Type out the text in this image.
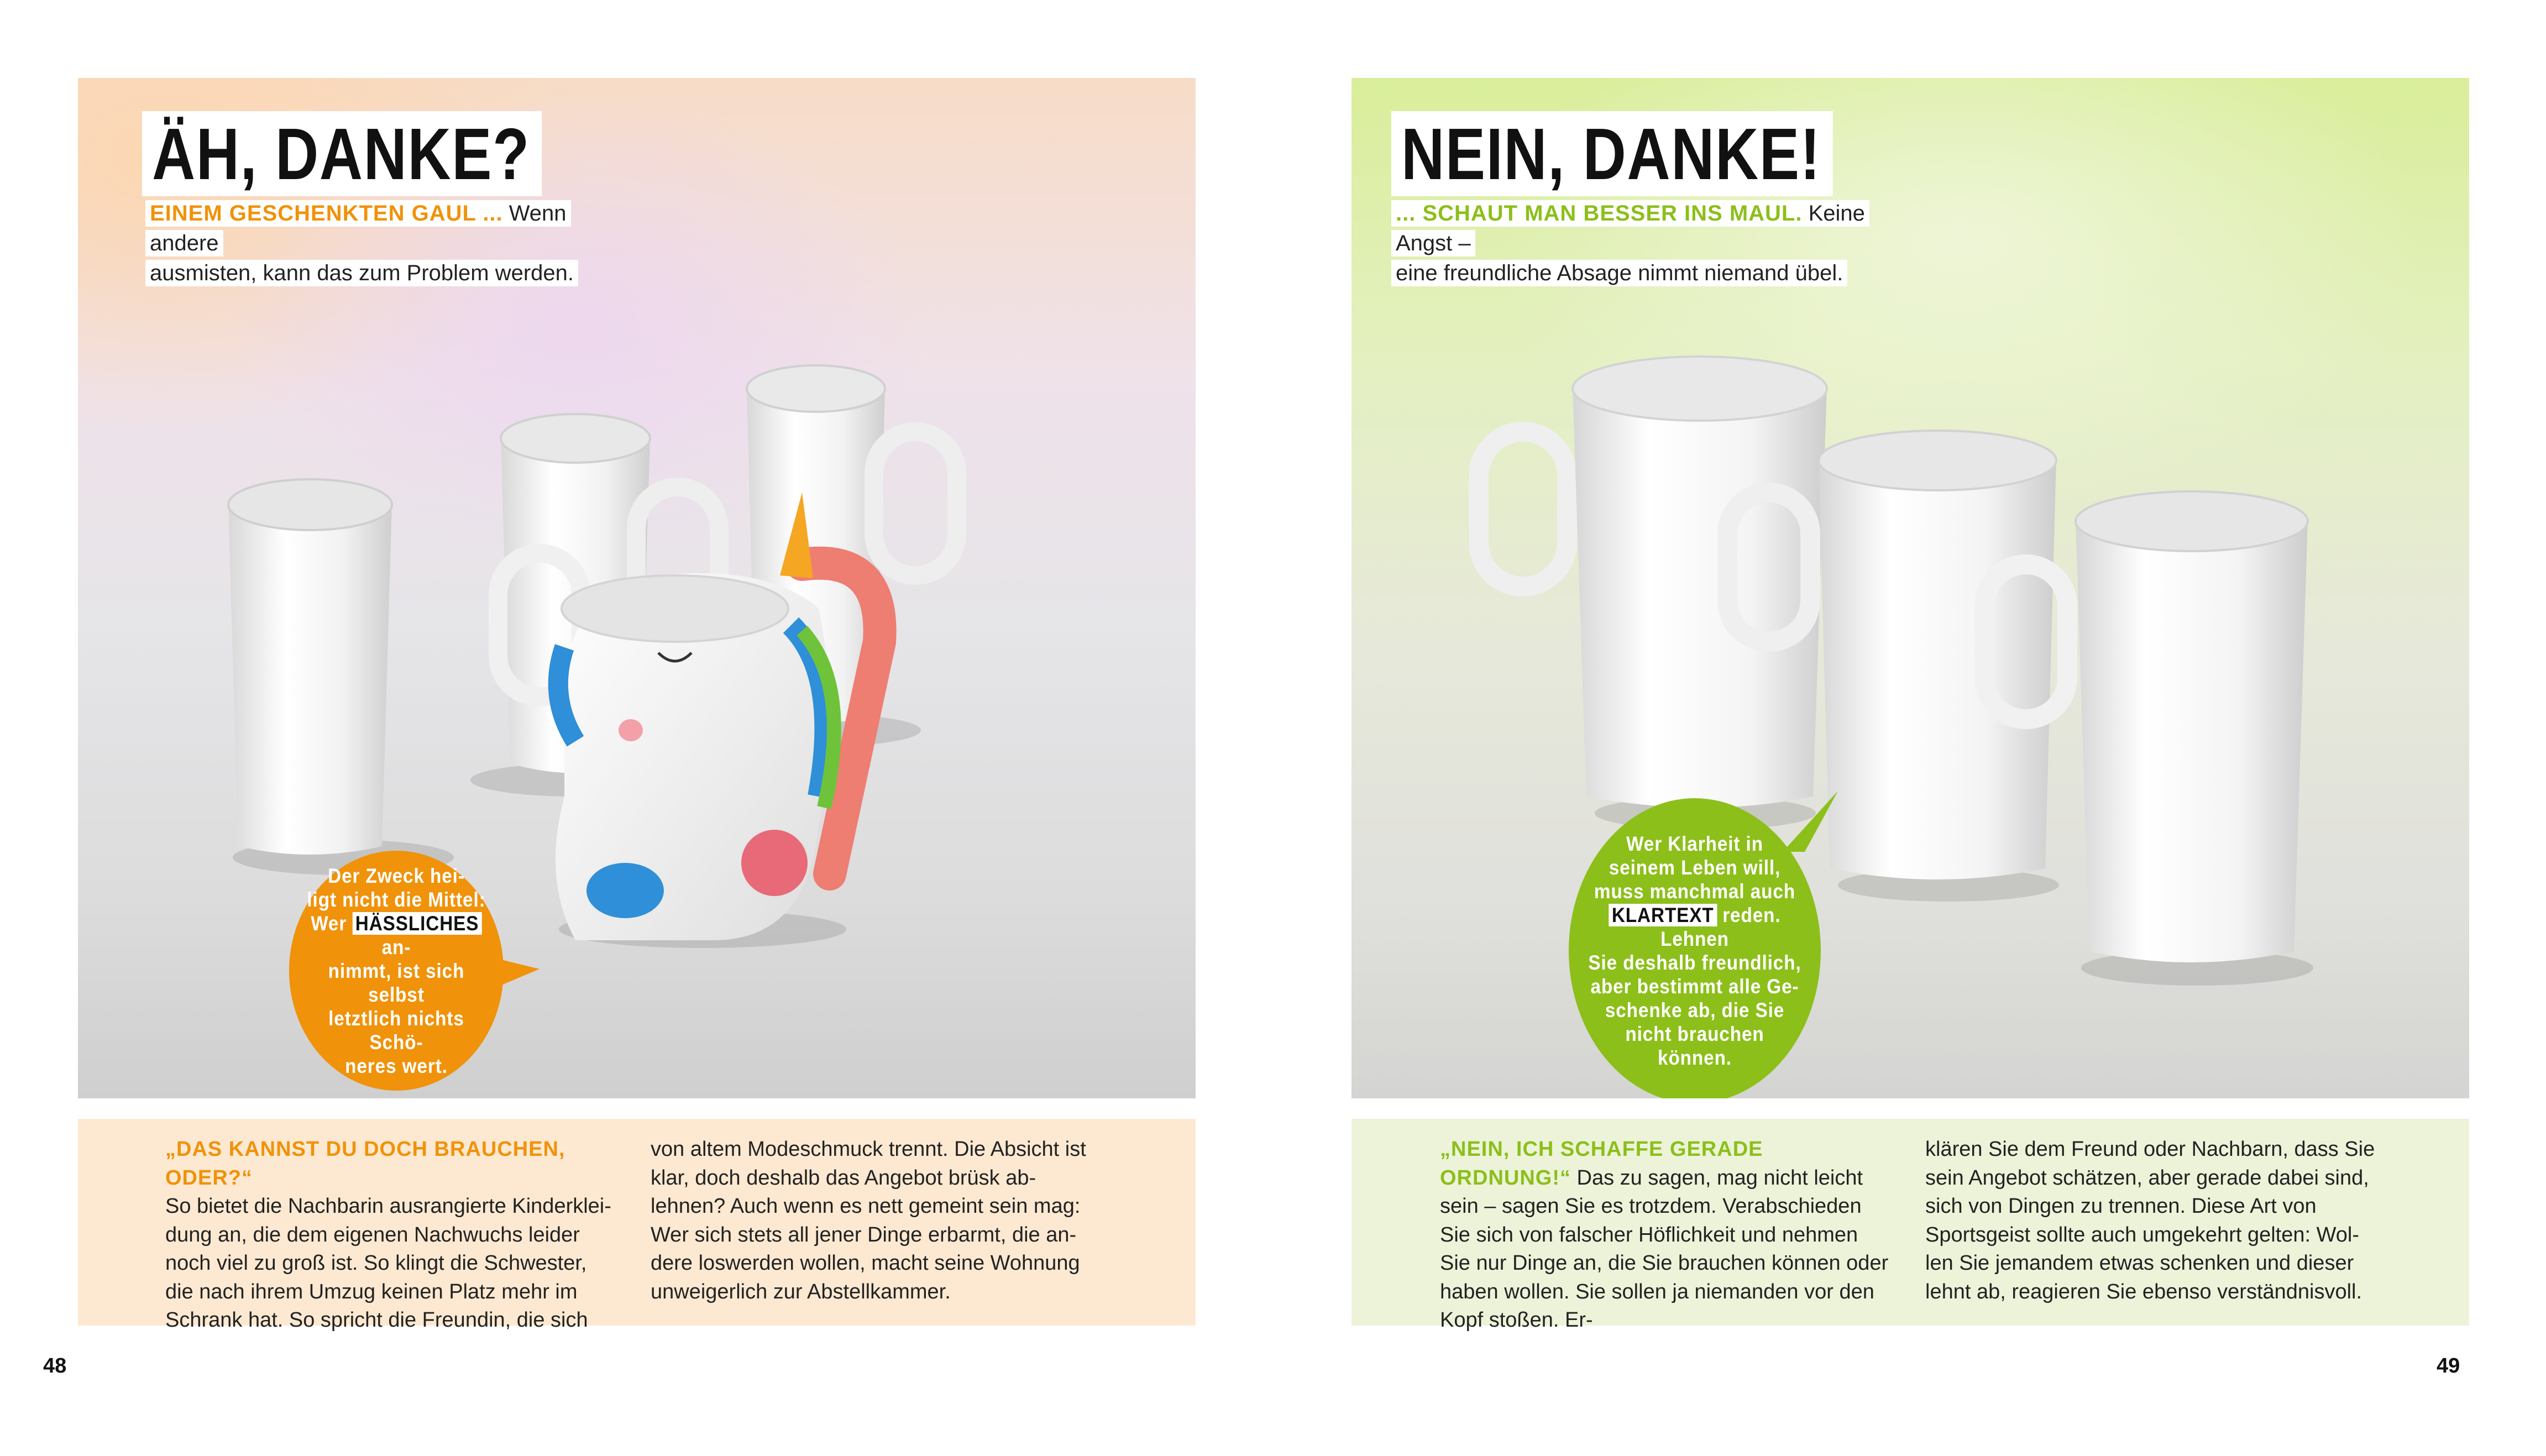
ÄH, DANKE?
EINEM GESCHENKTEN GAUL ... Wenn andere
ausmisten, kann das zum Problem werden.
Der Zweck hei-
ligt nicht die Mittel:
Wer HÄSSLICHES an-
nimmt, ist sich selbst
letztlich nichts Schö-
neres wert.
„DAS KANNST DU DOCH BRAUCHEN, ODER?“
So bietet die Nachbarin ausrangierte Kinderklei-dung an, die dem eigenen Nachwuchs leider noch viel zu groß ist. So klingt die Schwester, die nach ihrem Umzug keinen Platz mehr im Schrank hat. So spricht die Freundin, die sich
von altem Modeschmuck trennt. Die Absicht ist klar, doch deshalb das Angebot brüsk ab-lehnen? Auch wenn es nett gemeint sein mag: Wer sich stets all jener Dinge erbarmt, die an-dere loswerden wollen, macht seine Wohnung unweigerlich zur Abstellkammer.
48
NEIN, DANKE!
... SCHAUT MAN BESSER INS MAUL. Keine Angst –
eine freundliche Absage nimmt niemand übel.
Wer Klarheit in
seinem Leben will,
muss manchmal auch
KLARTEXT reden. Lehnen
Sie deshalb freundlich,
aber bestimmt alle Ge-
schenke ab, die Sie
nicht brauchen
können.
„NEIN, ICH SCHAFFE GERADE ORDNUNG!“ Das zu sagen, mag nicht leicht sein – sagen Sie es trotzdem. Verabschieden Sie sich von falscher Höflichkeit und nehmen Sie nur Dinge an, die Sie brauchen können oder haben wollen. Sie sollen ja niemanden vor den Kopf stoßen. Er-
klären Sie dem Freund oder Nachbarn, dass Sie sein Angebot schätzen, aber gerade dabei sind, sich von Dingen zu trennen. Diese Art von Sportsgeist sollte auch umgekehrt gelten: Wol-len Sie jemandem etwas schenken und dieser lehnt ab, reagieren Sie ebenso verständnisvoll.
49
